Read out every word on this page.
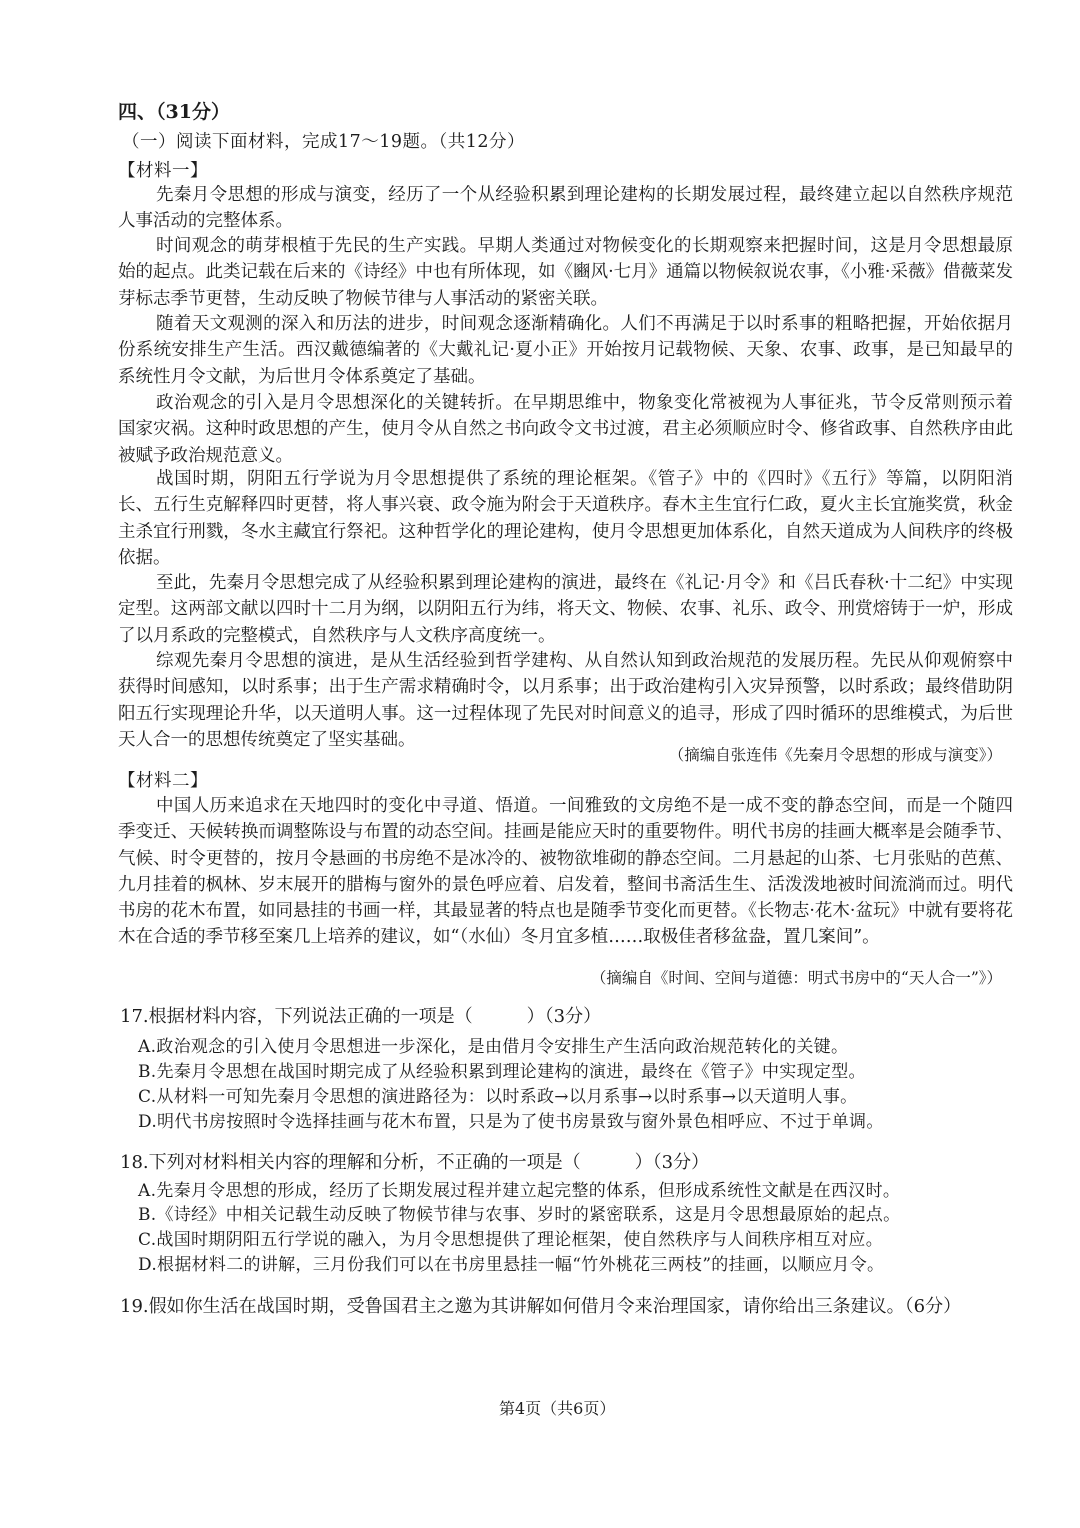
四、（31分）
（一）阅读下面材料，完成17～19题。（共12分）
【材料一】
先秦月令思想的形成与演变，经历了一个从经验积累到理论建构的长期发展过程，最终建立起以自然秩序规范人事活动的完整体系。
时间观念的萌芽根植于先民的生产实践。早期人类通过对物候变化的长期观察来把握时间，这是月令思想最原始的起点。此类记载在后来的《诗经》中也有所体现，如《豳风·七月》通篇以物候叙说农事，《小雅·采薇》借薇菜发芽标志季节更替，生动反映了物候节律与人事活动的紧密关联。
随着天文观测的深入和历法的进步，时间观念逐渐精确化。人们不再满足于以时系事的粗略把握，开始依据月份系统安排生产生活。西汉戴德编著的《大戴礼记·夏小正》开始按月记载物候、天象、农事、政事，是已知最早的系统性月令文献，为后世月令体系奠定了基础。
政治观念的引入是月令思想深化的关键转折。在早期思维中，物象变化常被视为人事征兆，节令反常则预示着国家灾祸。这种时政思想的产生，使月令从自然之书向政令文书过渡，君主必须顺应时令、修省政事、自然秩序由此被赋予政治规范意义。
战国时期，阴阳五行学说为月令思想提供了系统的理论框架。《管子》中的《四时》《五行》等篇，以阴阳消长、五行生克解释四时更替，将人事兴衰、政令施为附会于天道秩序。春木主生宜行仁政，夏火主长宜施奖赏，秋金主杀宜行刑戮，冬水主藏宜行祭祀。这种哲学化的理论建构，使月令思想更加体系化，自然天道成为人间秩序的终极依据。
至此，先秦月令思想完成了从经验积累到理论建构的演进，最终在《礼记·月令》和《吕氏春秋·十二纪》中实现定型。这两部文献以四时十二月为纲，以阴阳五行为纬，将天文、物候、农事、礼乐、政令、刑赏熔铸于一炉，形成了以月系政的完整模式，自然秩序与人文秩序高度统一。
综观先秦月令思想的演进，是从生活经验到哲学建构、从自然认知到政治规范的发展历程。先民从仰观俯察中获得时间感知，以时系事；出于生产需求精确时令，以月系事；出于政治建构引入灾异预警，以时系政；最终借助阴阳五行实现理论升华，以天道明人事。这一过程体现了先民对时间意义的追寻，形成了四时循环的思维模式，为后世天人合一的思想传统奠定了坚实基础。
（摘编自张连伟《先秦月令思想的形成与演变》）
【材料二】
中国人历来追求在天地四时的变化中寻道、悟道。一间雅致的文房绝不是一成不变的静态空间，而是一个随四季变迁、天候转换而调整陈设与布置的动态空间。挂画是能应天时的重要物件。明代书房的挂画大概率是会随季节、气候、时令更替的，按月令悬画的书房绝不是冰冷的、被物欲堆砌的静态空间。二月悬起的山茶、七月张贴的芭蕉、九月挂着的枫林、岁末展开的腊梅与窗外的景色呼应着、启发着，整间书斋活生生、活泼泼地被时间流淌而过。明代书房的花木布置，如同悬挂的书画一样，其最显著的特点也是随季节变化而更替。《长物志·花木·盆玩》中就有要将花木在合适的季节移至案几上培养的建议，如“（水仙）冬月宜多植……取极佳者移盆盎，置几案间”。
（摘编自《时间、空间与道德：明式书房中的“天人合一”》）
17.根据材料内容，下列说法正确的一项是（　　　）（3分）
A.政治观念的引入使月令思想进一步深化，是由借月令安排生产生活向政治规范转化的关键。
B.先秦月令思想在战国时期完成了从经验积累到理论建构的演进，最终在《管子》中实现定型。
C.从材料一可知先秦月令思想的演进路径为：以时系政→以月系事→以时系事→以天道明人事。
D.明代书房按照时令选择挂画与花木布置，只是为了使书房景致与窗外景色相呼应、不过于单调。
18.下列对材料相关内容的理解和分析，不正确的一项是（　　　）（3分）
A.先秦月令思想的形成，经历了长期发展过程并建立起完整的体系，但形成系统性文献是在西汉时。
B.《诗经》中相关记载生动反映了物候节律与农事、岁时的紧密联系，这是月令思想最原始的起点。
C.战国时期阴阳五行学说的融入，为月令思想提供了理论框架，使自然秩序与人间秩序相互对应。
D.根据材料二的讲解，三月份我们可以在书房里悬挂一幅“竹外桃花三两枝”的挂画，以顺应月令。
19.假如你生活在战国时期，受鲁国君主之邀为其讲解如何借月令来治理国家，请你给出三条建议。（6分）
第4页（共6页）
